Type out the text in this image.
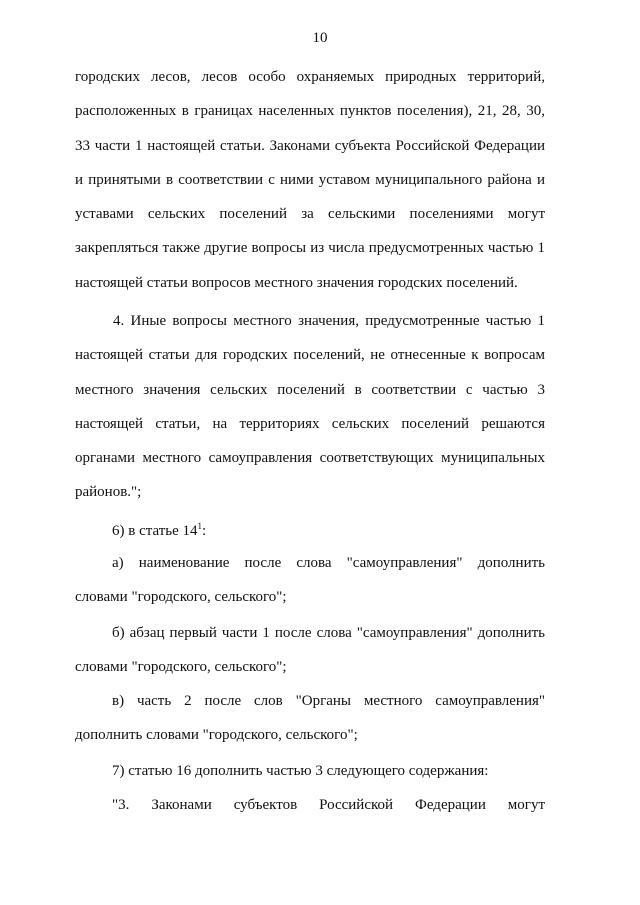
10
городских лесов, лесов особо охраняемых природных территорий,
расположенных в границах населенных пунктов поселения), 21, 28, 30,
33 части 1 настоящей статьи. Законами субъекта Российской Федерации
и принятыми в соответствии с ними уставом муниципального района и
уставами сельских поселений за сельскими поселениями могут
закрепляться также другие вопросы из числа предусмотренных частью 1
настоящей статьи вопросов местного значения городских поселений.
4. Иные вопросы местного значения, предусмотренные частью 1
настоящей статьи для городских поселений, не отнесенные к вопросам
местного значения сельских поселений в соответствии с частью 3
настоящей статьи, на территориях сельских поселений решаются
органами местного самоуправления соответствующих муниципальных
районов.";
6) в статье $14^1$:
а) наименование после слова "самоуправления" дополнить
словами "городского, сельского";
б) абзац первый части 1 после слова "самоуправления" дополнить
словами "городского, сельского";
в) часть 2 после слов "Органы местного самоуправления"
дополнить словами "городского, сельского";
7) статью 16 дополнить частью 3 следующего содержания:
"3. Законами субъектов Российской Федерации могут
